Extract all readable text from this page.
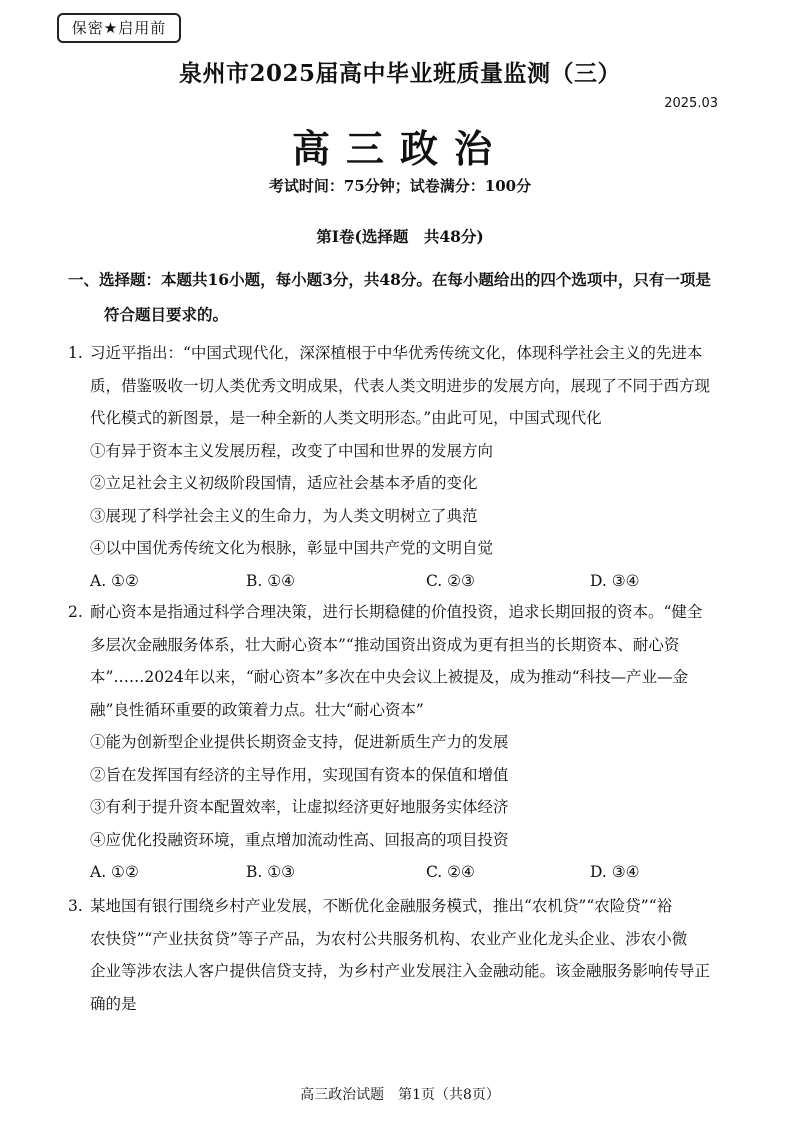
保密★启用前
泉州市2025届高中毕业班质量监测（三）
2025.03
高三政治
考试时间：75分钟；试卷满分：100分
第Ⅰ卷(选择题　共48分)
一、选择题：本题共16小题，每小题3分，共48分。在每小题给出的四个选项中，只有一项是
符合题目要求的。
1. 习近平指出：“中国式现代化，深深植根于中华优秀传统文化，体现科学社会主义的先进本
质，借鉴吸收一切人类优秀文明成果，代表人类文明进步的发展方向，展现了不同于西方现
代化模式的新图景，是一种全新的人类文明形态。”由此可见，中国式现代化
①有异于资本主义发展历程，改变了中国和世界的发展方向
②立足社会主义初级阶段国情，适应社会基本矛盾的变化
③展现了科学社会主义的生命力，为人类文明树立了典范
④以中国优秀传统文化为根脉，彰显中国共产党的文明自觉
A. ①②	B. ①④	C. ②③	D. ③④
2. 耐心资本是指通过科学合理决策，进行长期稳健的价值投资，追求长期回报的资本。“健全
多层次金融服务体系，壮大耐心资本”“推动国资出资成为更有担当的长期资本、耐心资
本”……2024年以来，“耐心资本”多次在中央会议上被提及，成为推动“科技—产业—金
融”良性循环重要的政策着力点。壮大“耐心资本”
①能为创新型企业提供长期资金支持，促进新质生产力的发展
②旨在发挥国有经济的主导作用，实现国有资本的保值和增值
③有利于提升资本配置效率，让虚拟经济更好地服务实体经济
④应优化投融资环境，重点增加流动性高、回报高的项目投资
A. ①②	B. ①③	C. ②④	D. ③④
3. 某地国有银行围绕乡村产业发展，不断优化金融服务模式，推出“农机贷”“农险贷”“裕
农快贷”“产业扶贫贷”等子产品，为农村公共服务机构、农业产业化龙头企业、涉农小微
企业等涉农法人客户提供信贷支持，为乡村产业发展注入金融动能。该金融服务影响传导正
确的是
高三政治试题　第1页（共8页）
